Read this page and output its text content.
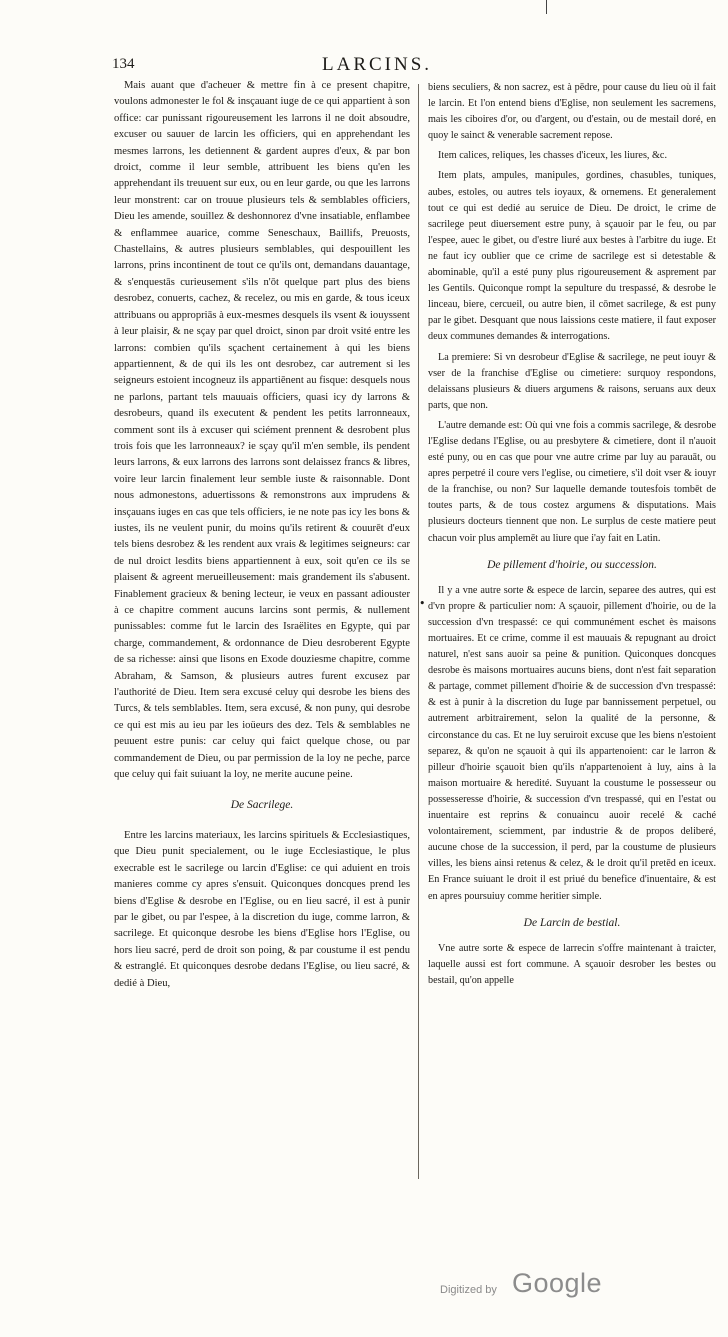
134	LARCINS.

Mais auant que d'acheuer & mettre fin à ce present chapitre, voulons admonester le fol & insçauant iuge de ce qui appartient à son office: car punissant rigoureusement les larrons il ne doit absoudre, excuser ou sauuer de larcin les officiers, qui en apprehendant les mesmes larrons, les detiennent & gardent aupres d'eux, & par bon droict, comme il leur semble, attribuent les biens qu'en les apprehendant ils treuuent sur eux, ou en leur garde, ou que les larrons leur monstrent: car on trouue plusieurs tels & semblables officiers, Dieu les amende, souillez & deshonnorez d'vne insatiable, enflambee & enflammee auarice, comme Seneschaux, Baillifs, Preuosts, Chastellains, & autres plusieurs semblables, qui despouillent les larrons, prins incontinent de tout ce qu'ils ont, demandans dauantage, & s'enquestās curieusement s'ils n'ōt quelque part plus des biens desrobez, conuerts, cachez, & recelez, ou mis en garde, & tous iceux attribuans ou appropriās à eux-mesmes desquels ils vsent & iouyssent à leur plaisir, & ne sçay par quel droict, sinon par droit vsité entre les larrons: combien qu'ils sçachent certainement à qui les biens appartiennent, & de qui ils les ont desrobez, car autrement si les seigneurs estoient incogneuz ils appartiēnent au fisque: desquels nous ne parlons, partant tels mauuais officiers, quasi icy dy larrons & desrobeurs, quand ils executent & pendent les petits larronneaux, comment sont ils à excuser qui sciément prennent & desrobent plus trois fois que les larronneaux? ie sçay qu'il m'en semble, ils pendent leurs larrons, & eux larrons des larrons sont delaissez francs & libres, voire leur larcin finalement leur semble iuste & raisonnable. Dont nous admonestons, aduertissons & remonstrons aux imprudens & insçauans iuges en cas que tels officiers, ie ne note pas icy les bons & iustes, ils ne veulent punir, du moins qu'ils retirent & couurēt d'eux tels biens desrobez & les rendent aux vrais & legitimes seigneurs: car de nul droict lesdits biens appartiennent à eux, soit qu'en ce ils se plaisent & agreent merueilleusement: mais grandement ils s'abusent. Finablement gracieux & bening lecteur, ie veux en passant adiouster à ce chapitre comment aucuns larcins sont permis, & nullement punissables: comme fut le larcin des Israëlites en Egypte, qui par charge, commandement, & ordonnance de Dieu desroberent Egypte de sa richesse: ainsi que lisons en Exode douziesme chapitre, comme Abraham, & Samson, & plusieurs autres furent excusez par l'authorité de Dieu. Item sera excusé celuy qui desrobe les biens des Turcs, & tels semblables. Item, sera excusé, & non puny, qui desrobe ce qui est mis au ieu par les ioüeurs des dez. Tels & semblables ne peuuent estre punis: car celuy qui faict quelque chose, ou par commandement de Dieu, ou par permission de la loy ne peche, parce que celuy qui fait suiuant la loy, ne merite aucune peine.

De Sacrilege.

Entre les larcins materiaux, les larcins spirituels & Ecclesiastiques, que Dieu punit specialement, ou le iuge Ecclesiastique, le plus execrable est le sacrilege ou larcin d'Eglise: ce qui aduient en trois manieres comme cy apres s'ensuit. Quiconques doncques prend les biens d'Eglise & desrobe en l'Eglise, ou en lieu sacré, il est à punir par le gibet, ou par l'espee, à la discretion du iuge, comme larron, & sacrilege. Et quiconque desrobe les biens d'Eglise hors l'Eglise, ou hors lieu sacré, perd de droit son poing, & par coustume il est pendu & estranglé. Et quiconques desrobe dedans l'Eglise, ou lieu sacré, & dedié à Dieu,

•

biens seculiers, & non sacrez, est à pēdre, pour cause du lieu où il fait le larcin. Et l'on entend biens d'Eglise, non seulement les sacremens, mais les ciboires d'or, ou d'argent, ou d'estain, ou de mestail doré, en quoy le sainct & venerable sacrement repose.

Item calices, reliques, les chasses d'iceux, les liures, &c.

Item plats, ampules, manipules, gordines, chasubles, tuniques, aubes, estoles, ou autres tels ioyaux, & ornemens. Et generalement tout ce qui est dedié au seruice de Dieu. De droict, le crime de sacrilege peut diuersement estre puny, à sçauoir par le feu, ou par l'espee, auec le gibet, ou d'estre liuré aux bestes à l'arbitre du iuge. Et ne faut icy oublier que ce crime de sacrilege est si detestable & abominable, qu'il a esté puny plus rigoureusement & asprement par les Gentils. Quiconque rompt la sepulture du trespassé, & desrobe le linceau, biere, cercueil, ou autre bien, il cōmet sacrilege, & est puny par le gibet. Desquant que nous laissions ceste matiere, il faut exposer deux communes demandes & interrogations.

La premiere: Si vn desrobeur d'Eglise & sacrilege, ne peut iouyr & vser de la franchise d'Eglise ou cimetiere: surquoy respondons, delaissans plusieurs & diuers argumens & raisons, seruans aux deux parts, que non.

L'autre demande est: Où qui vne fois a commis sacrilege, & desrobe l'Eglise dedans l'Eglise, ou au presbytere & cimetiere, dont il n'auoit esté puny, ou en cas que pour vne autre crime par luy au parauāt, ou apres perpetré il coure vers l'eglise, ou cimetiere, s'il doit vser & iouyr de la franchise, ou non? Sur laquelle demande toutesfois tombēt de toutes parts, & de tous costez argumens & disputations. Mais plusieurs docteurs tiennent que non. Le surplus de ceste matiere peut chacun voir plus amplemēt au liure que i'ay fait en Latin.

De pillement d'hoirie, ou succession.

Il y a vne autre sorte & espece de larcin, separee des autres, qui est d'vn propre & particulier nom: A sçauoir, pillement d'hoirie, ou de la succession d'vn trespassé: ce qui communément eschet ès maisons mortuaires. Et ce crime, comme il est mauuais & repugnant au droict naturel, n'est sans auoir sa peine & punition. Quiconques doncques desrobe ès maisons mortuaires aucuns biens, dont n'est fait separation & partage, commet pillement d'hoirie & de succession d'vn trespassé: & est à punir à la discretion du Iuge par bannissement perpetuel, ou autrement arbitrairement, selon la qualité de la personne, & circonstance du cas. Et ne luy seruiroit excuse que les biens n'estoient separez, & qu'on ne sçauoit à qui ils appartenoient: car le larron & pilleur d'hoirie sçauoit bien qu'ils n'appartenoient à luy, ains à la maison mortuaire & heredité. Suyuant la coustume le possesseur ou possesseresse d'hoirie, & succession d'vn trespassé, qui en l'estat ou inuentaire est reprins & conuaincu auoir recelé & caché volontairement, sciemment, par industrie & de propos deliberé, aucune chose de la succession, il perd, par la coustume de plusieurs villes, les biens ainsi retenus & celez, & le droit qu'il pretēd en iceux. En France suiuant le droit il est priué du benefice d'inuentaire, & est en apres poursuiuy comme heritier simple.

De Larcin de bestial.

Vne autre sorte & espece de larrecin s'offre maintenant à traicter, laquelle aussi est fort commune. A sçauoir desrober les bestes ou bestail, qu'on appelle

Digitized by Google
